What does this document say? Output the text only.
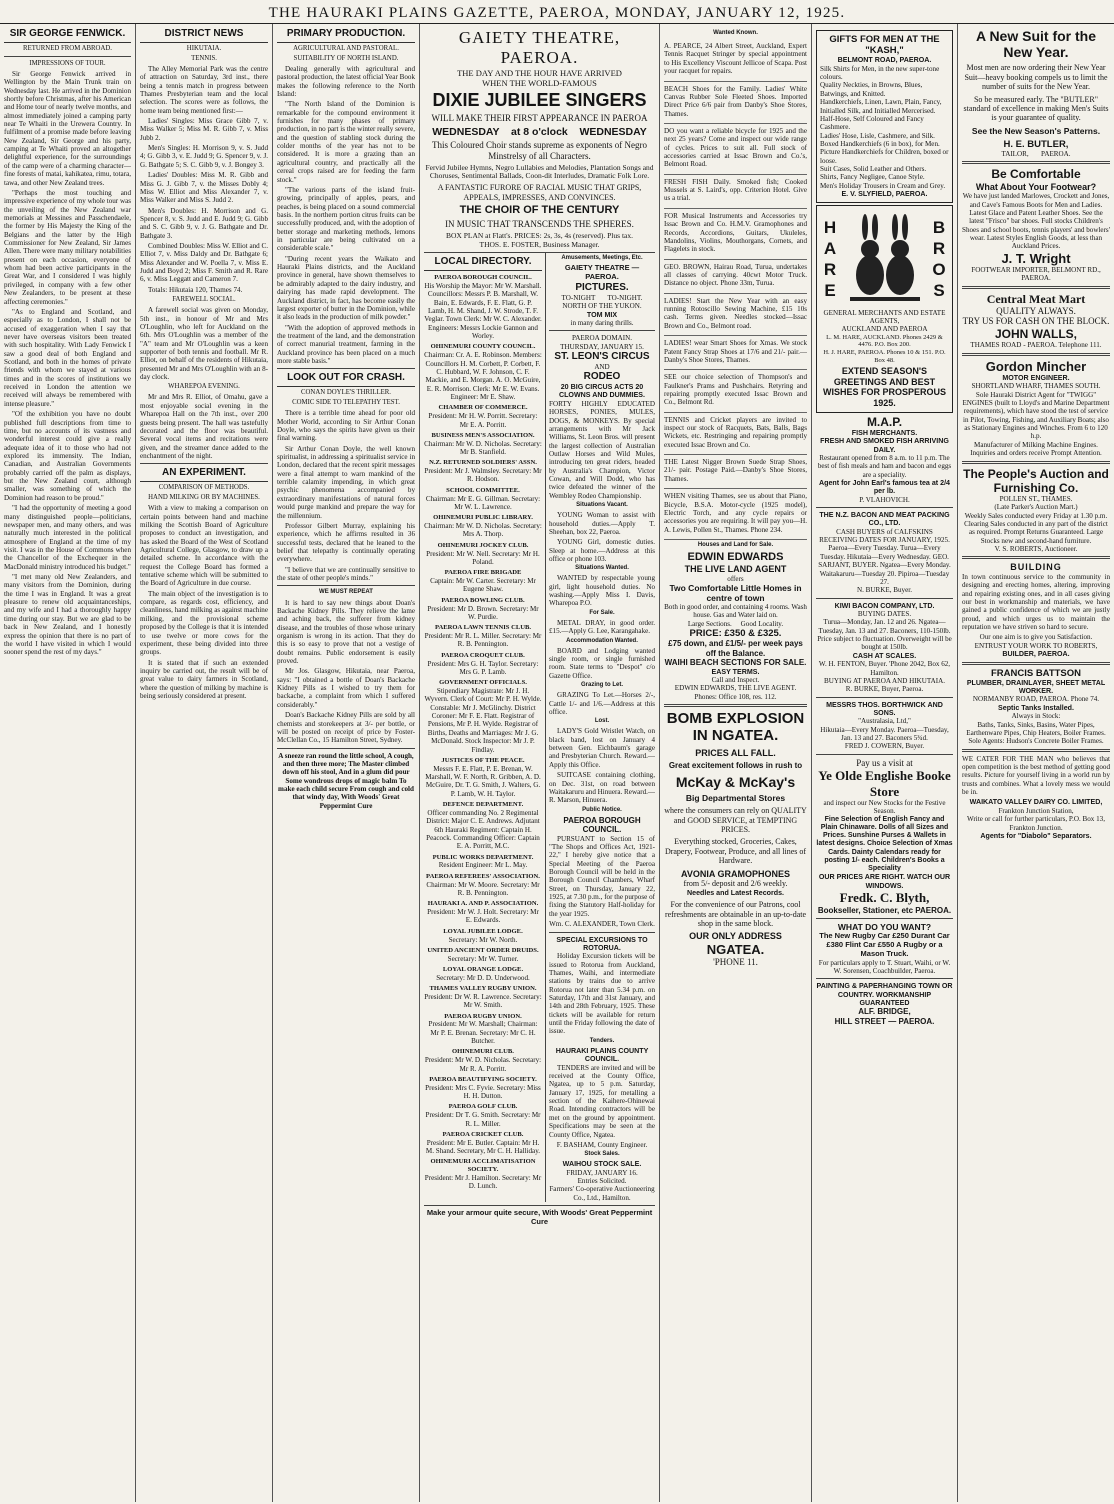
THE HAURAKI PLAINS GAZETTE, PAEROA, MONDAY, JANUARY 12, 1925.
SIR GEORGE FENWICK.
RETURNED FROM ABROAD.
IMPRESSIONS OF TOUR.

Sir George Fenwick arrived in Wellington by the Main Trunk train on Wednesday last. He arrived in the Dominion shortly before Christmas, after his American and Home tour of nearly twelve months, and almost immediately joined a camping party near Te Whaiti in the Urewera Country. In fulfilment of a promise made before leaving New Zealand, Sir George and his party, camping at Te Whaiti proved an altogether delightful experience, for the surroundings of the camp were of a charming character—fine forests of matai, kahikatea, rimu, totara, tawa, and other New Zealand trees.

"Perhaps the most touching and impressive experience of my whole tour was the unveiling of the New Zealand war memorials at Messines and Passchendaele, the former by His Majesty the King of the Belgians and the latter by the High Commissioner for New Zealand, Sir James Allen. There were many military notabilities present on each occasion, everyone of whom had been active participants in the Great War, and I considered I was highly privileged, in company with a few other New Zealanders, to be present at these affecting ceremonies."

"As to England and Scotland, and especially as to London, I shall not be accused of exaggeration when I say that never have overseas visitors been treated with such hospitality. With Lady Fenwick I saw a good deal of both England and Scotland, and both in the homes of private friends with whom we stayed at various times and in the scores of institutions we received in London the attention we received will always be remembered with intense pleasure."

"Of the exhibition you have no doubt published full descriptions from time to time, but no accounts of its vastness and wonderful interest could give a really adequate idea of it to those who had not explored its immensity. The Indian, Canadian, and Australian Governments probably carried off the palm as displays, but the New Zealand court, although smaller, was something of which the Dominion had reason to be proud."

"I had the opportunity of meeting a good many distinguished people—politicians, newspaper men, and many others, and was naturally much interested in the political atmosphere of England at the time of my visit. I was in the House of Commons when the Chancellor of the Exchequer in the MacDonald ministry introduced his budget."

"I met many old New Zealanders, and many visitors from the Dominion, during the time I was in England. It was a great pleasure to renew old acquaintanceships, and my wife and I had a thoroughly happy time during our stay. But we are glad to be back in New Zealand, and I honestly express the opinion that there is no part of the world I have visited in which I would sooner spend the rest of my days."

DISTRICT NEWS
HIKUTAIA.
TENNIS.

The Alley Memorial Park was the centre of attraction on Saturday, 3rd inst., there being a tennis match in progress between Thames Presbyterian team and the local selection. The scores were as follows, the home team being mentioned first:—

Ladies' Singles: Miss Grace Gibb 7, v. Miss Walker 5; Miss M. R. Gibb 7, v. Miss Jubb 2.

Men's Singles: H. Morrison 9, v. S. Judd 4; G. Gibb 3, v. E. Judd 9; G. Spencer 9, v. J. G. Bathgate 5; S. C. Gibb 9, v. J. Bongey 3.

Ladies' Doubles: Miss M. R. Gibb and Miss G. J. Gibb 7, v. the Misses Dobly 4; Miss W. Elliot and Miss Alexander 7, v. Miss Walker and Miss S. Judd 2.

Men's Doubles: H. Morrison and G. Spencer 8, v. S. Judd and E. Judd 9; G. Gibb and S. C. Gibb 9, v. J. G. Bathgate and Dr. Bathgate 3.

Combined Doubles: Miss W. Elliot and C. Elliot 7, v. Miss Daldy and Dr. Bathgate 6; Miss Alexander and W. Poella 7, v. Miss E. Judd and Boyd 2; Miss F. Smith and R. Rare 6, v. Miss Leggatt and Cameron 7.

Totals: Hikutaia 120, Thames 74.

FAREWELL SOCIAL.

A farewell social was given on Monday, 5th inst., in honour of Mr and Mrs O'Loughlin, who left for Auckland on the 6th. Mrs O'Loughlin was a member of the "A" team and Mr O'Loughlin was a keen supporter of both tennis and football. Mr R. Elliot, on behalf of the residents of Hikutaia, presented Mr and Mrs O'Loughlin with an 8-day clock.

WHAREPOA EVENING.

Mr and Mrs R. Elliot, of Omahu, gave a most enjoyable social evening in the Wharepoa Hall on the 7th inst., over 200 guests being present. The hall was tastefully decorated and the floor was beautiful. Several vocal items and recitations were given, and the streamer dance added to the enchantment of the night.

AN EXPERIMENT.
COMPARISON OF METHODS.
HAND MILKING OR BY MACHINES.

With a view to making a comparison on certain points between hand and machine milking the Scottish Board of Agriculture proposes to conduct an investigation, and has asked the Board of the West of Scotland Agricultural College, Glasgow, to draw up a detailed scheme. In accordance with the request the College Board has formed a tentative scheme which will be submitted to the Board of Agriculture in due course.

The main object of the investigation is to compare, as regards cost, efficiency, and cleanliness, hand milking as against machine milking, and the provisional scheme proposed by the College is that it is intended to use twelve or more cows for the experiment, these being divided into three groups.

It is stated that if such an extended inquiry be carried out, the result will be of great value to dairy farmers in Scotland, where the question of milking by machine is being seriously considered at present.

PRIMARY PRODUCTION.
AGRICULTURAL AND PASTORAL.
SUITABILITY OF NORTH ISLAND.

Dealing generally with agricultural and pastoral production, the latest official Year Book makes the following reference to the North Island:

"The North Island of the Dominion is remarkable for the compound environment it furnishes for many phases of primary production, in no part is the winter really severe, and the question of stabling stock during the colder months of the year has not to be considered. It is more a grazing than an agricultural country, and practically all the cereal crops raised are for feeding the farm stock."

"The various parts of the island fruit-growing, principally of apples, pears, and peaches, is being placed on a sound commercial basis. In the northern portion citrus fruits can be successfully produced, and, with the adoption of better storage and marketing methods, lemons in particular are being cultivated on a considerable scale."

"During recent years the Waikato and Hauraki Plains districts, and the Auckland province in general, have shown themselves to be admirably adapted to the dairy industry, and dairying has made rapid development. The Auckland district, in fact, has become easily the largest exporter of butter in the Dominion, while it also leads in the production of milk powder."

"With the adoption of approved methods in the treatment of the land, and the demonstration of correct manurial treatment, farming in the Auckland province has been placed on a much more stable basis."

LOOK OUT FOR CRASH.
CONAN DOYLE'S THRILLER.
COMIC SIDE TO TELEPATHY TEST.

There is a terrible time ahead for poor old Mother World, according to Sir Arthur Conan Doyle, who says the spirits have given us their final warning.

Sir Arthur Conan Doyle, the well known spiritualist, in addressing a spiritualist service in London, declared that the recent spirit messages were a final attempt to warn mankind of the terrible calamity impending, in which great psychic phenomena accompanied by extraordinary manifestations of natural forces would purge mankind and prepare the way for the millennium.

Professor Gilbert Murray, explaining his experience, which he affirms resulted in 36 successful tests, declared that he leaned to the belief that telepathy is continually operating everywhere.

"I believe that we are continually sensitive to the state of other people's minds."

WE MUST REPEAT

It is hard to say new things about Doan's Backache Kidney Pills. They relieve the lame and aching back, the sufferer from kidney disease, and the troubles of those whose urinary organism is wrong in its action. That they do this is so easy to prove that not a vestige of doubt remains. Public endorsement is easily proved.

Mr Jos. Glasgow, Hikutaia, near Paeroa, says: "I obtained a bottle of Doan's Backache Kidney Pills as I wished to try them for backache, a complaint from which I suffered considerably."

Doan's Backache Kidney Pills are sold by all chemists and storekeepers at 3/- per bottle, or will be posted on receipt of price by Foster-McClellan Co., 15 Hamilton Street, Sydney.

A sneeze ran round the little school, A cough, and then three more; The Master climbed down off his stool, And in a glum did pour Some wondrous drops of magic balm To make each child secure From cough and cold that windy day, With Woods' Great Peppermint Cure

GAIETY THEATRE, PAEROA.
THE DAY AND THE HOUR HAVE ARRIVED
WHEN THE WORLD-FAMOUS
DIXIE JUBILEE SINGERS
WILL MAKE THEIR FIRST APPEARANCE IN PAEROA
WEDNESDAY    at 8 o'clock    WEDNESDAY
This Coloured Choir stands supreme as exponents of Negro Minstrelsy of all Characters.
Fervid Jubilee Hymns, Negro Lullabies and Melodies, Plantation Songs and Choruses, Sentimental Ballads, Coon-dit Interludes, Dramatic Folk Lore.
A FANTASTIC FURORE OF RACIAL MUSIC THAT GRIPS, APPEALS, IMPRESSES, AND CONVINCES.
THE CHOIR OF THE CENTURY
IN MUSIC THAT TRANSCENDS THE SPHERES.
BOX PLAN at Flatt's. PRICES: 2s, 3s, 4s (reserved). Plus tax.
THOS. E. FOSTER, Business Manager.
LOCAL DIRECTORY.
PAEROA BOROUGH COUNCIL.
His Worship the Mayor: Mr W. Marshall. Councillors: Messrs P. B. Marshall, W. Bain, E. Edwards, F. E. Flatt, G. P. Lamb, H. M. Shand, J. W. Strode, T. F. Veglar. Town Clerk: Mr W. C. Alexander. Engineers: Messrs Lockie Gannon and Worley.
OHINEMURI COUNTY COUNCIL.
Chairman: Cr. A. E. Robinson. Members: Councillors H. M. Corbett, P. Corbett, F. C. Hubbard, W. F. Johnson, C. F. Mackie, and E. Morgan. A. O. McGuire, E. R. Morrison. Clerk: Mr E. W. Evans. Engineer: Mr E. Shaw.
CHAMBER OF COMMERCE.
President: Mr H. W. Porritt. Secretary: Mr E. A. Porritt.
BUSINESS MEN'S ASSOCIATION.
Chairman: Mr W. D. Nicholas. Secretary: Mr B. Stanfield.
N.Z. RETURNED SOLDIERS' ASSN.
President: Mr J. Walmsley. Secretary: Mr R. Hodson.
SCHOOL COMMITTEE.
Chairman: Mr E. G. Gillman. Secretary: Mr W. L. Lawrence.
OHINEMURI PUBLIC LIBRARY.
Chairman: Mr W. D. Nicholas. Secretary: Mrs A. Thorp.
OHINEMURI JOCKEY CLUB.
President: Mr W. Nell. Secretary: Mr H. Poland.
PAEROA FIRE BRIGADE
Captain: Mr W. Carter. Secretary: Mr Eugene Shaw.
PAEROA BOWLING CLUB.
President: Mr D. Brown. Secretary: Mr W. Purdie.
PAEROA LAWN TENNIS CLUB.
President: Mr R. L. Miller. Secretary: Mr R. B. Pennington.
PAEROA CROQUET CLUB.
President: Mrs G. H. Taylor. Secretary: Mrs G. P. Lamb.
GOVERNMENT OFFICIALS.
Stipendiary Magistrate: Mr J. H. Wyvern. Clerk of Court: Mr P. H. Wylde. Constable: Mr J. McGlinchy. District Coroner: Mr F. E. Flatt. Registrar of Pensions, Mr P. H. Wylde. Registrar of Births, Deaths and Marriages: Mr J. G. McDonald. Stock Inspector: Mr J. P. Findlay.
JUSTICES OF THE PEACE.
Messrs F. E. Flatt, P. E. Brenan, W. Marshall, W. F. North, R. Gribben, A. D. McGuire, Dr. T. G. Smith, J. Walters, G. P. Lamb, W. H. Taylor.
DEFENCE DEPARTMENT.
Officer commanding No. 2 Regimental District: Major C. E. Andrews. Adjutant 6th Hauraki Regiment: Captain H. Peacock. Commanding Officer: Captain E. A. Porritt, M.C.
PUBLIC WORKS DEPARTMENT.
Resident Engineer: Mr L. May.
PAEROA REFEREES' ASSOCIATION.
Chairman: Mr W. Moore. Secretary: Mr R. B. Pennington.
HAURAKI A. AND P. ASSOCIATION.
President: Mr W. J. Holt. Secretary: Mr E. Edwards.
LOYAL JUBILEE LODGE.
Secretary: Mr W. North.
UNITED ANCIENT ORDER DRUIDS.
Secretary: Mr W. Turner.
LOYAL ORANGE LODGE.
Secretary: Mr D. D. Underwood.
THAMES VALLEY RUGBY UNION.
President: Dr W. R. Lawrence. Secretary: Mr W. Smith.
PAEROA RUGBY UNION.
President: Mr W. Marshall; Chairman: Mr P. E. Brenan. Secretary: Mr C. H. Butcher.
OHINEMURI CLUB.
President: Mr W. D. Nicholas. Secretary: Mr R. A. Porritt.
PAEROA BEAUTIFYING SOCIETY.
President: Mrs C. Fyvie. Secretary: Miss H. H. Dutton.
PAEROA GOLF CLUB.
President: Dr T. G. Smith. Secretary: Mr R. L. Miller.
PAEROA CRICKET CLUB.
President: Mr E. Butler. Captain: Mr H. M. Shand. Secretary, Mr C. H. Halliday.
OHINEMURI ACCLIMATISATION SOCIETY.
President: Mr J. Hamilton. Secretary: Mr D. Lunch.
Amusements, Meetings, Etc.
GAIETY THEATRE — PAEROA.
PICTURES.
TO-NIGHT       TO-NIGHT.
NORTH OF THE YUKON.
TOM MIX
in many daring thrills.
PAEROA DOMAIN.
THURSDAY, JANUARY 15.
ST. LEON'S CIRCUS
AND
RODEO
20 BIG CIRCUS ACTS 20
CLOWNS AND DUMMIES.

FORTY HIGHLY EDUCATED HORSES, PONIES, MULES, DOGS, & MONKEYS. By special arrangements with Mr Jack Williams, St. Leon Bros. will present the largest collection of Australian Outlaw Horses and Wild Mules, introducing ten great riders, headed by Australia's Champion, Victor Cowan, and Will Dodd, who has twice defeated the winner of the Wembley Rodeo Championship.

Situations Vacant.

YOUNG Woman to assist with household duties.—Apply T. Sheehan, box 22, Paeroa.

YOUNG Girl, domestic duties. Sleep at home.—Address at this office or phone 103.

Situations Wanted.

WANTED by respectable young girl, light household duties. No washing.—Apply Miss I. Davis, Wharepoa P.O.

For Sale.

METAL DRAY, in good order. £15.—Apply G. Lee, Karangahake.

Accommodation Wanted.

BOARD and Lodging wanted single room, or single furnished room. State terms to "Despot" c/o Gazette Office.

Grazing to Let.

GRAZING To Let.—Horses 2/-, Cattle 1/- and 1/6.—Address at this office.

Lost.

LADY'S Gold Wristlet Watch, on black band, lost on January 4 between Gen. Eichbaum's garage and Presbyterian Church. Reward.—Apply this Office.

SUITCASE containing clothing, on Dec. 31st, on road between Waitakaruru and Hinuera. Reward.—R. Marson, Hinuera.

Public Notice.
PAEROA BOROUGH COUNCIL.

PURSUANT to Section 15 of "The Shops and Offices Act, 1921-22," I hereby give notice that a Special Meeting of the Paeroa Borough Council will be held in the Borough Council Chambers, Wharf Street, on Thursday, January 22, 1925, at 7.30 p.m., for the purpose of fixing the Statutory Half-holiday for the year 1925.

Wm. C. ALEXANDER, Town Clerk.
SPECIAL EXCURSIONS TO ROTORUA.

Holiday Excursion tickets will be issued to Rotorua from Auckland, Thames, Waihi, and intermediate stations by trains due to arrive Rotorua not later than 5.34 p.m. on Saturday, 17th and 31st January, and 14th and 28th February, 1925. These tickets will be available for return until the Friday following the date of issue.

Tenders.
HAURAKI PLAINS COUNTY COUNCIL.

TENDERS are invited and will be received at the County Office, Ngatea, up to 5 p.m. Saturday, January 17, 1925, for metalling a section of the Kaihere-Ohinewai Road. Intending contractors will be met on the ground by appointment. Specifications may be seen at the County Office, Ngatea.

F. BASHAM, County Engineer.
Stock Sales.
WAIHOU STOCK SALE.
FRIDAY, JANUARY 16.
Entries Solicited.
Farmers' Co-operative Auctioneering Co., Ltd., Hamilton.
Make your armour quite secure, With Woods' Great Peppermint Cure
Wanted Known.

A. PEARCE, 24 Albert Street, Auckland, Expert Tennis Racquet Stringer by special appointment to His Excellency Viscount Jellicoe of Scapa. Post your racquet for repairs.

BEACH Shoes for the Family. Ladies' White Canvas Rubber Sole Fleeted Shoes. Imported Direct Price 6/6 pair from Danby's Shoe Stores, Thames.

DO you want a reliable bicycle for 1925 and the next 25 years? Come and inspect our wide range of cycles. Prices to suit all. Full stock of accessories carried at Issac Brown and Co.'s, Belmont Road.

FRESH FISH Daily. Smoked fish; Cooked Mussels at S. Laird's, opp. Criterion Hotel. Give us a trial.

FOR Musical Instruments and Accessories try Issac Brown and Co. H.M.V. Gramophones and Records, Accordions, Guitars, Ukuleles, Mandolins, Violins, Mouthorgans, Cornets, and Flagelets in stock.

GEO. BROWN, Hairau Road, Turua, undertakes all classes of carrying. 40cwt Motor Truck. Distance no object. Phone 33m, Turua.

LADIES! Start the New Year with an easy running Rotoscillo Sewing Machine, £15 10s cash. Terms given. Needles stocked—Issac Brown and Co., Belmont road.

LADIES! wear Smart Shoes for Xmas. We stock Patent Fancy Strap Shoes at 17/6 and 21/- pair.—Danby's Shoe Stores, Thames.

SEE our choice selection of Thompson's and Faulkner's Prams and Pushchairs. Retyring and repairing promptly executed Issac Brown and Co., Belmont Rd.

TENNIS and Cricket players are invited to inspect our stock of Racquets, Bats, Balls, Bags Wickets, etc. Restringing and repairing promptly executed Issac Brown and Co.

THE Latest Nigger Brown Suede Strap Shoes, 21/- pair. Postage Paid.—Danby's Shoe Stores, Thames.

WHEN visiting Thames, see us about that Piano, Bicycle, B.S.A. Motor-cycle (1925 model), Electric Torch, and any cycle repairs or accessories you are requiring. It will pay you—H. A. Lewis, Pollen St., Thames. Phone 234.

Houses and Land for Sale.
EDWIN EDWARDS
THE LIVE LAND AGENT
offers
Two Comfortable Little Homes in centre of town
Both in good order, and containing 4 rooms. Wash house. Gas and Water laid on.
Large Sections.     Good Locality.
PRICE: £350 & £325.
£75 down, and £1/5/- per week pays off the Balance.
WAIHI BEACH SECTIONS FOR SALE.
EASY TERMS.
Call and Inspect.
EDWIN EDWARDS, THE LIVE AGENT. Phones: Office 108, res. 112.
BOMB EXPLOSION IN NGATEA.
PRICES ALL FALL.
Great excitement follows in rush to
McKay & McKay's
Big Departmental Stores
where the consumers can rely on QUALITY and GOOD SERVICE, at TEMPTING PRICES.
Everything stocked, Groceries, Cakes, Drapery, Footwear, Produce, and all lines of Hardware.
AVONIA GRAMOPHONES
from 5/- deposit and 2/6 weekly.
Needles and Latest Records.
For the convenience of our Patrons, cool refreshments are obtainable in an up-to-date shop in the same block.
OUR ONLY ADDRESS
NGATEA.
'PHONE 11.
GIFTS FOR MEN AT THE "KASH,"
BELMONT ROAD, PAEROA.
Silk Shirts for Men, in the new super-tone colours.
Quality Neckties, in Browns, Blues, Batwings, and Knitted.
Handkerchiefs, Linen, Lawn, Plain, Fancy, Initialled Silk, and Initialled Mercerised.
Half-Hose, Self Coloured and Fancy Cashmere.
Ladies' Hose, Lisle, Cashmere, and Silk.
Boxed Handkerchiefs (6 in box), for Men.
Picture Handkerchiefs for Children, boxed or loose.
Suit Cases, Solid Leather and Others.
Shirts, Fancy Negligee, Canoe Style.
Men's Holiday Trousers in Cream and Grey.
E. V. SLYFIELD, PAEROA.
H
A
R
E
B
R
O
S
GENERAL MERCHANTS AND ESTATE AGENTS,
AUCKLAND AND PAEROA
L. M. HARE, AUCKLAND. Phones 2429 & 4476. P.O. Box 200.
H. J. HARE, PAEROA. Phones 10 & 151. P.O. Box 48.
EXTEND SEASON'S GREETINGS AND BEST WISHES FOR PROSPEROUS 1925.
M.A.P.
FISH MERCHANTS.
FRESH AND SMOKED FISH ARRIVING DAILY.
Restaurant opened from 8 a.m. to 11 p.m. The best of fish meals and ham and bacon and eggs are a speciality.
Agent for John Earl's famous tea at 2/4 per lb.
P. VLAHOVICH.
THE N.Z. BACON AND MEAT PACKING CO., LTD.
CASH BUYERS of CALFSKINS
RECEIVING DATES FOR JANUARY, 1925.
Paeroa—Every Tuesday. Turua—Every Tuesday. Hikutaia—Every Wednesday. GEO. SARJANT, BUYER. Ngatea—Every Monday. Waitakaruru—Tuesday 20. Pipiroa—Tuesday 27.
N. BURKE, Buyer.
KIWI BACON COMPANY, LTD.
BUYING DATES.
Turua—Monday, Jan. 12 and 26. Ngatea—Tuesday, Jan. 13 and 27. Baconers, 110-150lb. Price subject to fluctuation. Overweight will be bought at 150lb.
CASH AT SCALES.
W. H. FENTON, Buyer. 'Phone 2042, Box 62, Hamilton.
BUYING AT PAEROA AND HIKUTAIA.
R. BURKE, Buyer, Paeroa.
MESSRS THOS. BORTHWICK AND SONS.
"Australasia, Ltd,"
Hikutaia—Every Monday. Paeroa—Tuesday, Jan. 13 and 27. Baconers 5¾d.
FRED J. COWERN, Buyer.
Pay us a visit at
Ye Olde Englishe Booke Store
and inspect our New Stocks for the Festive Season.
Fine Selection of English Fancy and Plain Chinaware. Dolls of all Sizes and Prices. Sunshine Purses & Wallets in latest designs. Choice Selection of Xmas Cards. Dainty Calendars ready for posting 1/- each. Children's Books a Speciality
OUR PRICES ARE RIGHT. WATCH OUR WINDOWS.
Fredk. C. Blyth,
Bookseller, Stationer, etc PAEROA.
WHAT DO YOU WANT?
The New Rugby Car £250 Durant Car £380 Flint Car £550 A Rugby or a Mason Truck.
For particulars apply to T. Stuart, Waihi, or W. W. Sorensen, Coachbuilder, Paeroa.
PAINTING & PAPERHANGING TOWN OR COUNTRY. WORKMANSHIP GUARANTEED
ALF. BRIDGE,
HILL STREET — PAEROA.
A New Suit for the New Year.
Most men are now ordering their New Year Suit—heavy booking compels us to limit the number of suits for the New Year.
So be measured early. The "BUTLER" standard of excellence in making Men's Suits is your guarantee of quality.
See the New Season's Patterns.
H. E. BUTLER,
TAILOR,       PAEROA.
Be Comfortable
What About Your Footwear?
We have just landed Marlowes, Crockett and Jones, and Cave's Famous Boots for Men and Ladies. Latest Glace and Patent Leather Shoes. See the latest "Frisco" bar shoes. Full stocks Children's Shoes and school boots, tennis players' and bowlers' wear. Latest Styles English Goods, at less than Auckland Prices.
J. T. Wright
FOOTWEAR IMPORTER, BELMONT RD., PAEROA.
Central Meat Mart
QUALITY ALWAYS.
TRY US FOR CASH ON THE BLOCK.
JOHN WALLS,
THAMES ROAD - PAEROA. Telephone 111.
Gordon Mincher
MOTOR ENGINEER.
SHORTLAND WHARF, THAMES SOUTH.
Sole Hauraki District Agent for "TWIGG" ENGINES (built to Lloyd's and Marine Department requirements), which have stood the test of service in Pilot, Towing, Fishing, and Auxiliary Boats; also as Stationary Engines and Winches. From 6 to 120 h.p.
Manufacturer of Milking Machine Engines.
Inquiries and orders receive Prompt Attention.
The People's Auction and Furnishing Co.
POLLEN ST., THAMES.
(Late Parker's Auction Mart.)
Weekly Sales conducted every Friday at 1.30 p.m. Clearing Sales conducted in any part of the district as required. Prompt Returns Guaranteed. Large Stocks new and second-hand furniture.
V. S. ROBERTS, Auctioneer.
BUILDING

In town continuous service to the community in designing and erecting homes, altering, improving and repairing existing ones, and in all cases giving our best in workmanship and materials, we have gained a public confidence of which we are justly proud, and which urges us to maintain the reputation we have striven so hard to secure.

Our one aim is to give you Satisfaction.
ENTRUST YOUR WORK TO ROBERTS,
BUILDER, PAEROA.
FRANCIS BATTSON
PLUMBER, DRAINLAYER, SHEET METAL WORKER.
NORMANBY ROAD, PAEROA. Phone 74.
Septic Tanks Installed.
Always in Stock:
Baths, Tanks, Sinks, Basins, Water Pipes, Earthenware Pipes, Chip Heaters, Boiler Frames.
Sole Agents: Hudson's Concrete Boiler Frames.

WE CATER FOR THE MAN who believes that open competition is the best method of getting good results. Picture for yourself living in a world run by trusts and combines. What a lovely mess we would be in.

WAIKATO VALLEY DAIRY CO. LIMITED,
Frankton Junction Station,
Write or call for further particulars, P.O. Box 13, Frankton Junction.
Agents for "Diabolo" Separators.
